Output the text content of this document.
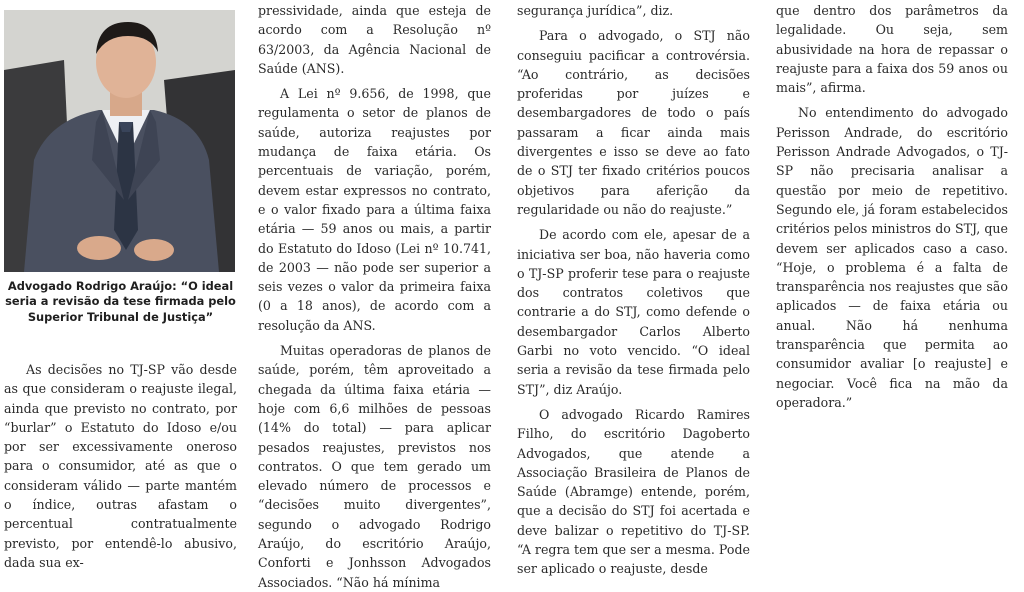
Advogado Rodrigo Araújo: “O ideal seria a revisão da tese firmada pelo Superior Tribunal de Justiça”

As decisões no TJ-SP vão desde as que consideram o reajuste ilegal, ainda que previsto no contrato, por “burlar” o Estatuto do Idoso e/ou por ser excessivamente oneroso para o consumidor, até as que o consideram válido — parte mantém o índice, outras afastam o percentual contratualmente previsto, por entendê-lo abusivo, dada sua ex-

pressividade, ainda que esteja de acordo com a Resolução nº 63/2003, da Agência Nacional de Saúde (ANS).

A Lei nº 9.656, de 1998, que regulamenta o setor de planos de saúde, autoriza reajustes por mudança de faixa etária. Os percentuais de variação, porém, devem estar expressos no contrato, e o valor fixado para a última faixa etária — 59 anos ou mais, a partir do Estatuto do Idoso (Lei nº 10.741, de 2003 — não pode ser superior a seis vezes o valor da primeira faixa (0 a 18 anos), de acordo com a resolução da ANS.

Muitas operadoras de planos de saúde, porém, têm aproveitado a chegada da última faixa etária — hoje com 6,6 milhões de pessoas (14% do total) — para aplicar pesados reajustes, previstos nos contratos. O que tem gerado um elevado número de processos e “decisões muito divergentes”, segundo o advogado Rodrigo Araújo, do escritório Araújo, Conforti e Jonhsson Advogados Associados. “Não há mínima

segurança jurídica”, diz.

Para o advogado, o STJ não conseguiu pacificar a controvérsia. “Ao contrário, as decisões proferidas por juízes e desembargadores de todo o país passaram a ficar ainda mais divergentes e isso se deve ao fato de o STJ ter fixado critérios poucos objetivos para aferição da regularidade ou não do reajuste.”

De acordo com ele, apesar de a iniciativa ser boa, não haveria como o TJ-SP proferir tese para o reajuste dos contratos coletivos que contrarie a do STJ, como defende o desembargador Carlos Alberto Garbi no voto vencido. “O ideal seria a revisão da tese firmada pelo STJ”, diz Araújo.

O advogado Ricardo Ramires Filho, do escritório Dagoberto Advogados, que atende a Associação Brasileira de Planos de Saúde (Abramge) entende, porém, que a decisão do STJ foi acertada e deve balizar o repetitivo do TJ-SP. “A regra tem que ser a mesma. Pode ser aplicado o reajuste, desde

que dentro dos parâmetros da legalidade. Ou seja, sem abusividade na hora de repassar o reajuste para a faixa dos 59 anos ou mais”, afirma.

No entendimento do advogado Perisson Andrade, do escritório Perisson Andrade Advogados, o TJ-SP não precisaria analisar a questão por meio de repetitivo. Segundo ele, já foram estabelecidos critérios pelos ministros do STJ, que devem ser aplicados caso a caso. “Hoje, o problema é a falta de transparência nos reajustes que são aplicados — de faixa etária ou anual. Não há nenhuma transparência que permita ao consumidor avaliar [o reajuste] e negociar. Você fica na mão da operadora.”
